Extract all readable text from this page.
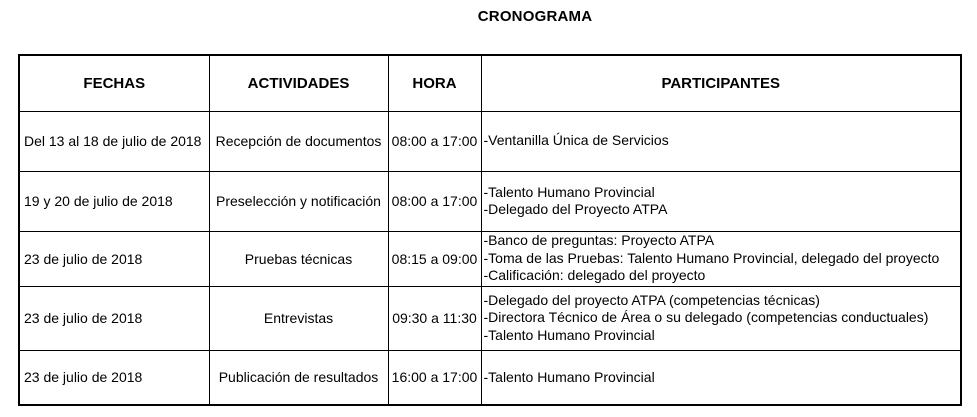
CRONOGRAMA
FECHAS	ACTIVIDADES	HORA	PARTICIPANTES
Del 13 al 18 de julio de 2018	Recepción de documentos	08:00 a 17:00	-Ventanilla Única de Servicios

19 y 20 de julio de 2018	Preselección y notificación	08:00 a 17:00	-Talento Humano Provincial
-Delegado del Proyecto ATPA

23 de julio de 2018	Pruebas técnicas	08:15 a 09:00	-Banco de preguntas: Proyecto ATPA
-Toma de las Pruebas: Talento Humano Provincial, delegado del proyecto
-Calificación: delegado del proyecto

23 de julio de 2018	Entrevistas	09:30 a 11:30	-Delegado del proyecto ATPA (competencias técnicas)
-Directora Técnico de Área o su delegado (competencias conductuales)
-Talento Humano Provincial

23 de julio de 2018	Publicación de resultados	16:00 a 17:00	-Talento Humano Provincial
